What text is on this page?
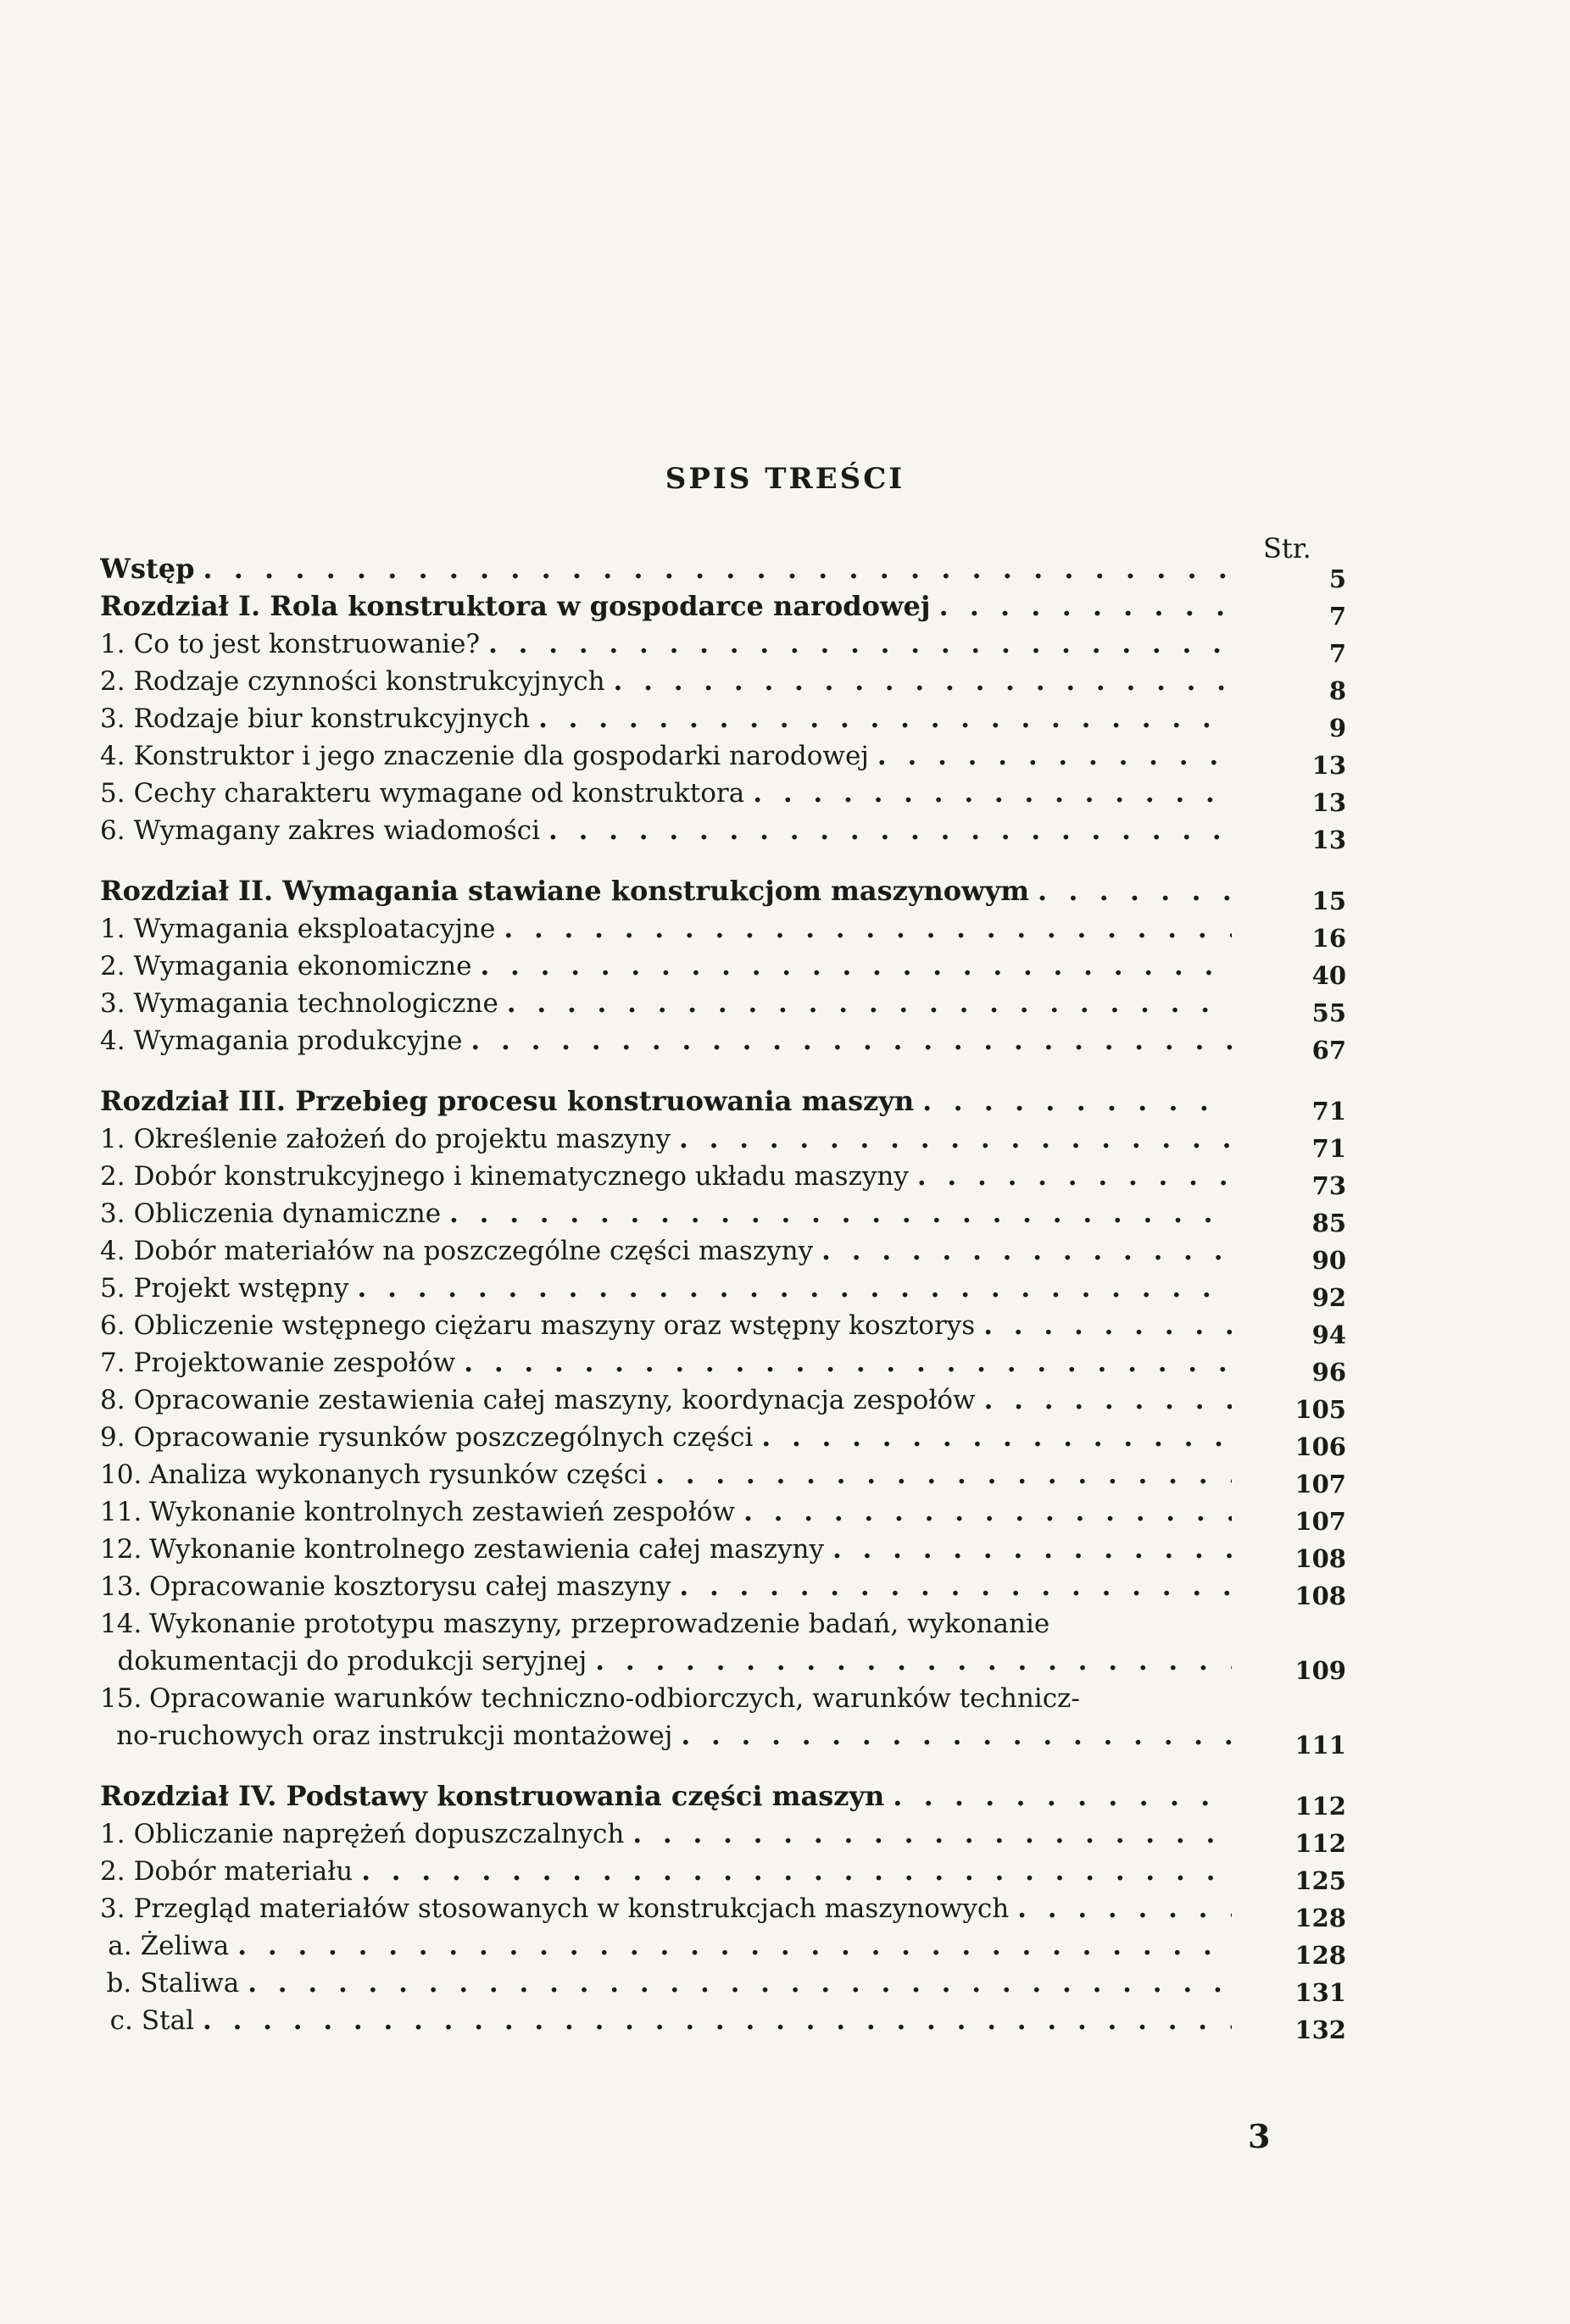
SPIS TREŚCI
Str.
Wstęp . . .	5
Rozdział I. Rola konstruktora w gospodarce narodowej . . .	7
1. Co to jest konstruowanie? . . .	7
2. Rodzaje czynności konstrukcyjnych . . .	8
3. Rodzaje biur konstrukcyjnych . . .	9
4. Konstruktor i jego znaczenie dla gospodarki narodowej . . .	13
5. Cechy charakteru wymagane od konstruktora . . .	13
6. Wymagany zakres wiadomości . . .	13
Rozdział II. Wymagania stawiane konstrukcjom maszynowym . . .	15
1. Wymagania eksploatacyjne . . .	16
2. Wymagania ekonomiczne . . .	40
3. Wymagania technologiczne . . .	55
4. Wymagania produkcyjne . . .	67
Rozdział III. Przebieg procesu konstruowania maszyn . . .	71
1. Określenie założeń do projektu maszyny . . .	71
2. Dobór konstrukcyjnego i kinematycznego układu maszyny . . .	73
3. Obliczenia dynamiczne . . .	85
4. Dobór materiałów na poszczególne części maszyny . . .	90
5. Projekt wstępny . . .	92
6. Obliczenie wstępnego ciężaru maszyny oraz wstępny kosztorys . . .	94
7. Projektowanie zespołów . . .	96
8. Opracowanie zestawienia całej maszyny, koordynacja zespołów . . .	105
9. Opracowanie rysunków poszczególnych części . . .	106
10. Analiza wykonanych rysunków części . . .	107
11. Wykonanie kontrolnych zestawień zespołów . . .	107
12. Wykonanie kontrolnego zestawienia całej maszyny . . .	108
13. Opracowanie kosztorysu całej maszyny . . .	108
14. Wykonanie prototypu maszyny, przeprowadzenie badań, wykonanie
dokumentacji do produkcji seryjnej . . .	109
15. Opracowanie warunków techniczno-odbiorczych, warunków technicz-
no-ruchowych oraz instrukcji montażowej . . .	111
Rozdział IV. Podstawy konstruowania części maszyn . . .	112
1. Obliczanie naprężeń dopuszczalnych . . .	112
2. Dobór materiału . . .	125
3. Przegląd materiałów stosowanych w konstrukcjach maszynowych . . .	128
a. Żeliwa . . .	128
b. Staliwa . . .	131
c. Stal . . .	132
3
